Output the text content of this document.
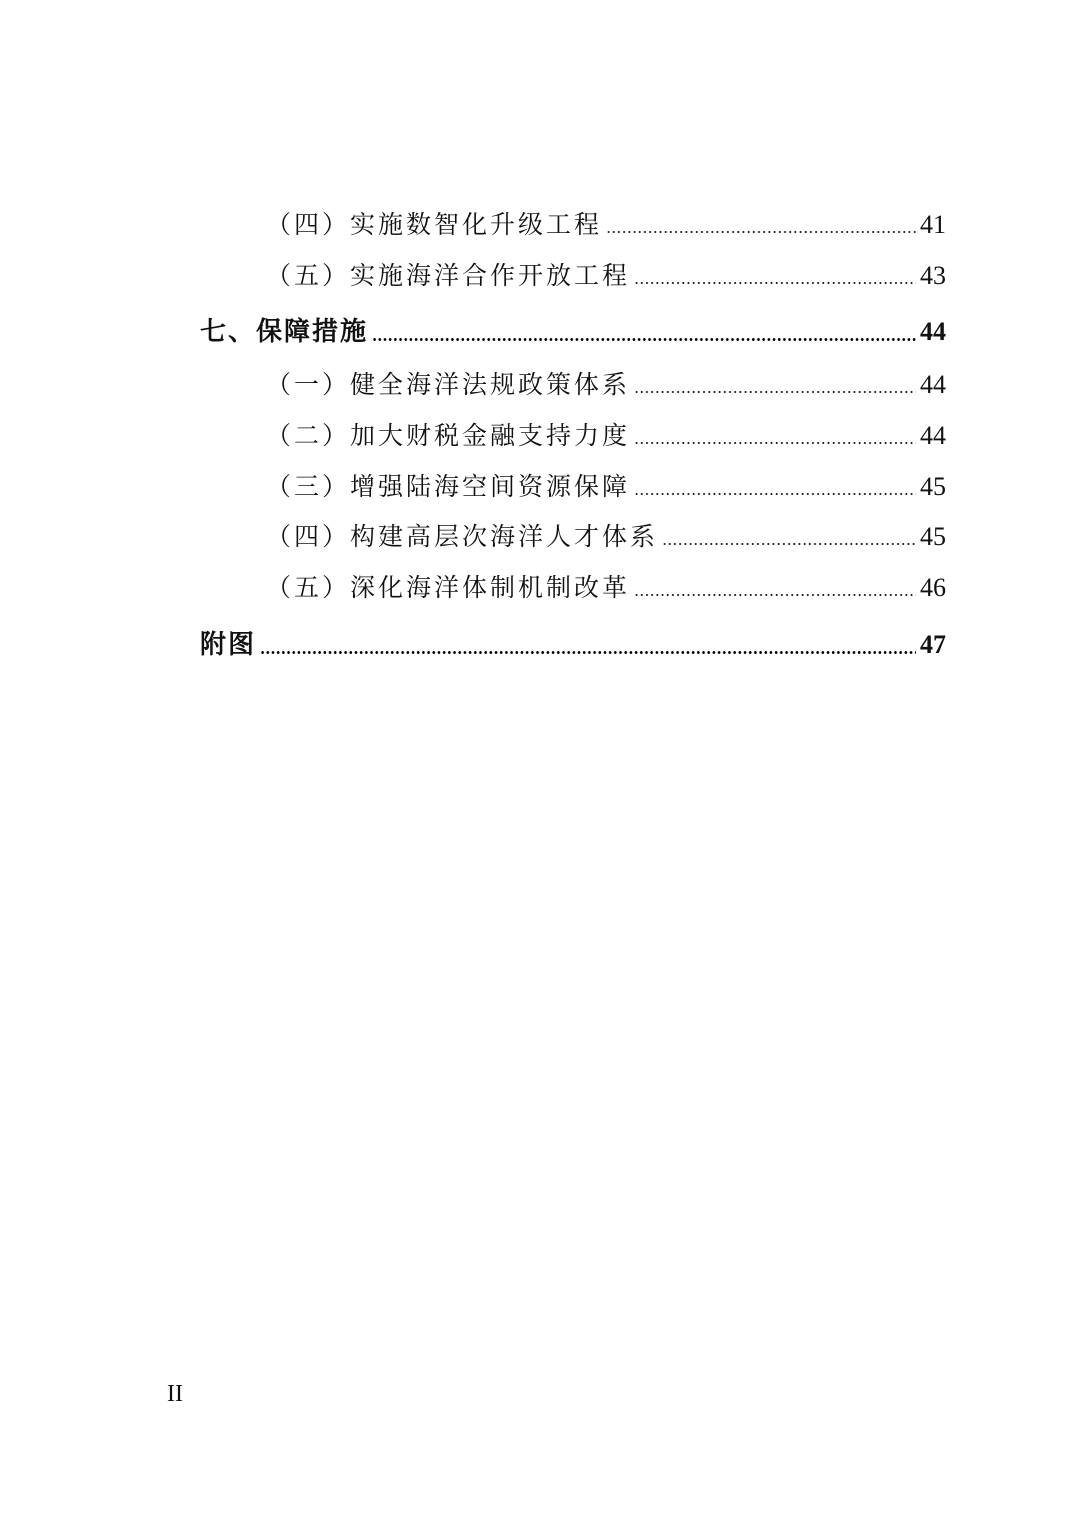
（四）实施数智化升级工程	41
（五）实施海洋合作开放工程	43
七、保障措施	44
（一）健全海洋法规政策体系	44
（二）加大财税金融支持力度	44
（三）增强陆海空间资源保障	45
（四）构建高层次海洋人才体系	45
（五）深化海洋体制机制改革	46
附图	47
II
